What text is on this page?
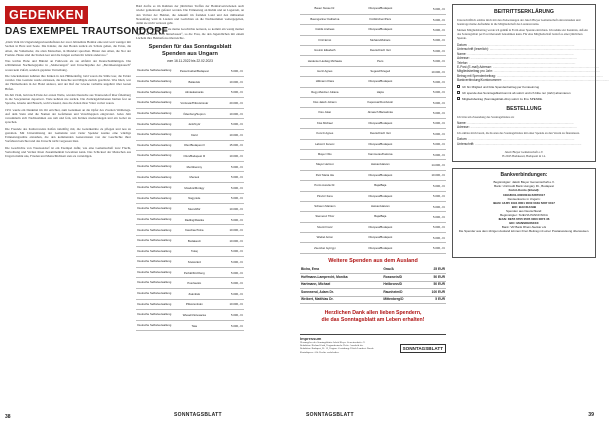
GEDENKEN
DAS EXEMPEL TRAUTSONDORF

„Dem Volk im Ungarlandgewissenhaftsten der zwei Jahrzehnte Heimat eine und weit weniger mit Sachen in Herz und Seele. Die Kinder, die den Boden zurück als Schule gehen, die Ernte, die Alten, die Volkslieder, die alten Menschen, in Mundart sprechen. Hinter den Alten, die Not der Fremde. Heute sind die Stuben leer und die Jungen suchen ihr Glück anderswo.“

Was leichte Habe und Bündel an Fuhrwerk als sie Abfahrt der Deutschstämmigen. Die schlimmsten Nachkriegsjahre in „Säuberungen“ und Unrechtsjahre der „Bevölkerungstausch“ waren kein Zufall, sondern geplante Vertreibung.

Die Gluckshennen nahmen ihre Küken in den Hühnerkäfig, bald waren die Ställe leer, die Felder verödet. Das Gesinde wurde entlassen, die Knechte und Mägde zurück geschickt. Was blieb, war der Heimatboden in der Hand anderer, und der Ruf der Glocke verhallte ungehört über leeren Höfen.

Im Juli 1944, bald nach Ende der ersten Welle, wurden Deutsche aus Trautsondorf über Ödenburg in die Sowjetunion deportiert. Viele kehrten nie zurück. Die Zurückgebliebenen hielten fest an Sprache, Glaube und Brauch, wohl wissend, dass die Zeiten ihrer Väter vorbei waren.

1951 wurde ein Denkmal im Ort errichtet, zum Gedenken an die Opfer des Zweiten Weltkriegs. Auf dem Stein sind die Namen der Gefallenen und Verschleppten eingraviert. Jedes Jahr versammeln sich Nachkommen aus nah und fern, um Kränze niederzulegen und ein Gebet zu sprechen.

Die Freunde des Kulturvereins halfen tatkräftig mit, die Gedenkstätte zu pflegen und neu zu gestalten. Mit Unterstützung der Gemeinde und vieler Spender konnte eine würdige Erinnerungsstätte entstehen, die den kommenden Generationen von der Geschichte ihrer Vorfahren berichtet und das Unrecht nicht vergessen lässt.

Die Geschichte von Trautsondorf ist ein Exempel dafür, wie eine Gemeinschaft trotz Flucht, Vertreibung und Verlust ihren Zusammenhalt bewahren kann. Das Schicksal der Menschen aus Ungarn mahnt uns, Frieden und Menschlichkeit stets zu verteidigen.

38

Bald durfte es im Rahmen der jährlichen Treffen der Heimatvertriebenen auch wieder gemeinsam gefeiert werden. Die Erinnerung an Ruhm und an Lagerzeit, an den Verlust der Heimat, die Ankunft im fremden Land und den mühsamen Neuanfang wird in Liedern und Gedichten an die Nachkommen weitergegeben, damit sie nicht verloren geht.

„Dabei ist es nicht, dass sie meine Geschichte notieren, so kommt ein wenig meiner Spuren in dieser Welt hinterlassen“, so die Frau, die den Jugendlichen mit einem Lächeln ihre Heimatfotos überreichte.

Spenden für das Sonntagsblatt
Spenden aus Ungarn
vom 16.11.2022 bis 22.02.2023
Deutsche Selbstverwaltung	Pesterzsébet/Budapest	5.000,- Ft
Deutsche Selbstverwaltung	Bátaszék	10.000,- Ft
Deutsche Selbstverwaltung	Almáskamarás	5.000,- Ft
Deutsche Selbstverwaltung	Vörösvár/Pilisvörösvár	20.000,- Ft
Deutsche Selbstverwaltung	Ödenburg/Sopron	10.000,- Ft
Deutsche Selbstverwaltung	Jerk/Győr	5.000,- Ft
Deutsche Selbstverwaltung	Kázd	10.000,- Ft
Deutsche Selbstverwaltung	Ofen/Budapest II	15.000,- Ft
Deutsche Selbstverwaltung	Ofen/Budapest III	10.000,- Ft
Deutsche Selbstverwaltung	Mezőberény	5.000,- Ft
Deutsche Selbstverwaltung	Mecsek	5.000,- Ft
Deutsche Selbstverwaltung	Mosdós/Mórágy	5.000,- Ft
Deutsche Selbstverwaltung	Nagyréde	5.000,- Ft
Deutsche Selbstverwaltung	Mecs/Mör	10.000,- Ft
Deutsche Selbstverwaltung	Radling/Ratóka	5.000,- Ft
Deutsche Selbstverwaltung	Kaschau/Tolna	10.000,- Ft
Deutsche Selbstverwaltung	Budakeszi	10.000,- Ft
Deutsche Selbstverwaltung	Tokaj	5.000,- Ft
Deutsche Selbstverwaltung	Szekszárd	5.000,- Ft
Deutsche Selbstverwaltung	Perbál/Kirchberg	5.000,- Ft
Deutsche Selbstverwaltung	Pusztavám	5.000,- Ft
Deutsche Selbstverwaltung	Zsámbék	5.000,- Ft
Deutsche Selbstverwaltung	Pilisszentiván	10.000,- Ft
Deutsche Selbstverwaltung	Wiesel/Vértesacsa	5.000,- Ft
Deutsche Selbstverwaltung	Tata	5.000,- Ft
SONNTAGSBLATT
Bauer Nusse Dr.	Ofenpest/Budapest	5.000,- Ft
Baumgartner Katharina	Fünfkirchen/Pécs	5.000,- Ft
Csiklis Andreas	Ofenpest/Budapest	5.000,- Ft
Fritz Ernst	Mohács/Mohács	5.000,- Ft
Greinin Elisabeth	Deutschisch Veit	5.000,- Ft
Heidenier Hedwig Michaela	Pécs	5.000,- Ft
Hertz Agnes	Segesd/Szeged	10.000,- Ft
Hillmann Klara	Ofenpest/Budapest	5.000,- Ft
Regy-Meidner Juliana	Hajós	5.000,- Ft
Kiss Jakob Johann	Kaposvar/Dombóvár	5.000,- Ft
Kiss Jolan	Almasch Bácsalmás	5.000,- Ft
Kiss Michael	Ofenpest/Budapest	5.000,- Ft
Konczi Agnes	Deutschisch Veit	5.000,- Ft
Laborcz Ferenc	Ofenpest/Budapest	5.000,- Ft
Mayer Otto	Kammerau/Kalocsa	5.000,- Ft
Mayer Helmut	Hatvan/Hatvan	14.000,- Ft
Petz Maria Ida	Ofenpest/Budapest	10.000,- Ft
Porcs Aurelie Dr.	Baja/Baja	5.000,- Ft
Pinvicz Ilona	Ofenpest/Budapest	5.000,- Ft
Schaum Mariann	Hatvan/Hatvan	5.000,- Ft
Stemerez Tibor	Baja/Baja	5.000,- Ft
Szenti Franz	Ofenpest/Budapest	5.000,- Ft
Wiebel Anton	Ofenpest/Budapest	5.000,- Ft
Zsembet Györgyi	Ofenpest/Budapest	5.000,- Ft
Weitere Spenden aus dem Ausland
Bicha, Erna	Graz/A	25 EUR
Hoffmann-Lamprecht, Monika	Rosswein/D	50 EUR
Hartmann, Michael	Heilbronn/D	50 EUR
Sonnwend, Adam Dr.	Raunheim/D	100 EUR
Weibert, Matthias Dr.	Mittenberg/D	5 EUR
Herzlichen Dank allen lieben Spendern,
die das Sonntagsblatt am Leben erhalten!
Impressum
Herausgeber des Sonntagsblatts: Jakob Bleyer Gemeinschaft e.V. Redaktion: Richard Guth, Ungarndeutsche Hefte. Anschrift der Redaktion: Budapest, Pf. 12, Ungarn. Gestaltung: Ulrich Lambert. Druck: Kontaktpress. Alle Rechte vorbehalten.
SONNTAGSBLATT
SONNTAGSBLATT
BEITRITTSERKLÄRUNG
Unterschriftlich erkläre mich mit den Zielsetzungen der Jakob Bleyer Gemeinschaft einverstanden und beantrage meine Aufnahme in die Mitgliedschaft des Landesvereins.
Meinen Mitgliedsbeitrag werde ich gemäß in Form einer Spende entrichten. Ich nehme zur Kenntnis, daß ein das Sonntagsblatt per Post übersandt bekommen kann. Für eine Mitgliedschaft bedarf es einer jährlichen Spende.
Datum: ........................................................................................................................
Unterschrift (leserlich): ........................................................................................................................
Name: ........................................................................................................................
Adresse: ........................................................................................................................
Telefon: ........................................................................................................................
E-Post (E-mail) Adresse: ........................................................................................................................
Mitgliedsbeitrag pro Jahr: ........................................................................................................................
Betrag mit Spendenbeitrag: ........................................................................................................................
Bankverbindung/Kontonummer: ........................................................................................................................
Ich bin Mitglied und bitte Spendenbeitrag per Kontoeinzug
Ich spende das Sonntagsblatt kommt ab sofort und ich bitte nur (Jahr) abonnieren
Mitgliedsbeitrag (Sonntagsblatt-Abo) sofort zu Ihre SPENDE.
BESTELLUNG
Ich bitte um Zusendung des Sonntagsblattes an:
Name: ........................................................................................................................
Adresse: ........................................................................................................................
Ich erkläre mich bereit, die Kosten des Sonntagsblattes mit einer Spende an den Verein zu finanzieren.
Datum: ........................................................................................................................
Unterschrift: ........................................................................................................................
Jakob Bleyer Gemeinschaft e.V.
H-2045 Budakeszi, Budapesti út 14.
Bankverbindungen:
Begünstigter: Jakob Bleyer Gemeinschaft e.V.
Bank: UniCredit Bank Hungary Rt., Budapest
Forint-Konto (Inland):
10918001-00000049-52870017
Devisenkonto in Ungarn:
IBAN: HU65 1091 8001 0000 0049 5287 0017
BIC: BACXHUHB
Spenden aus Deutschland:
Begünstigter: SUEVIA PANNONICA
IBAN: DE55 6705 0505 0000 0873 36
BIC: MANSDE66XXX
Bank: VR Bank Rhein-Neckar eG
Die Spender aus dem übrigen Ausland können ihren Beitrag mit einer Postanweisung überweisen.
39
